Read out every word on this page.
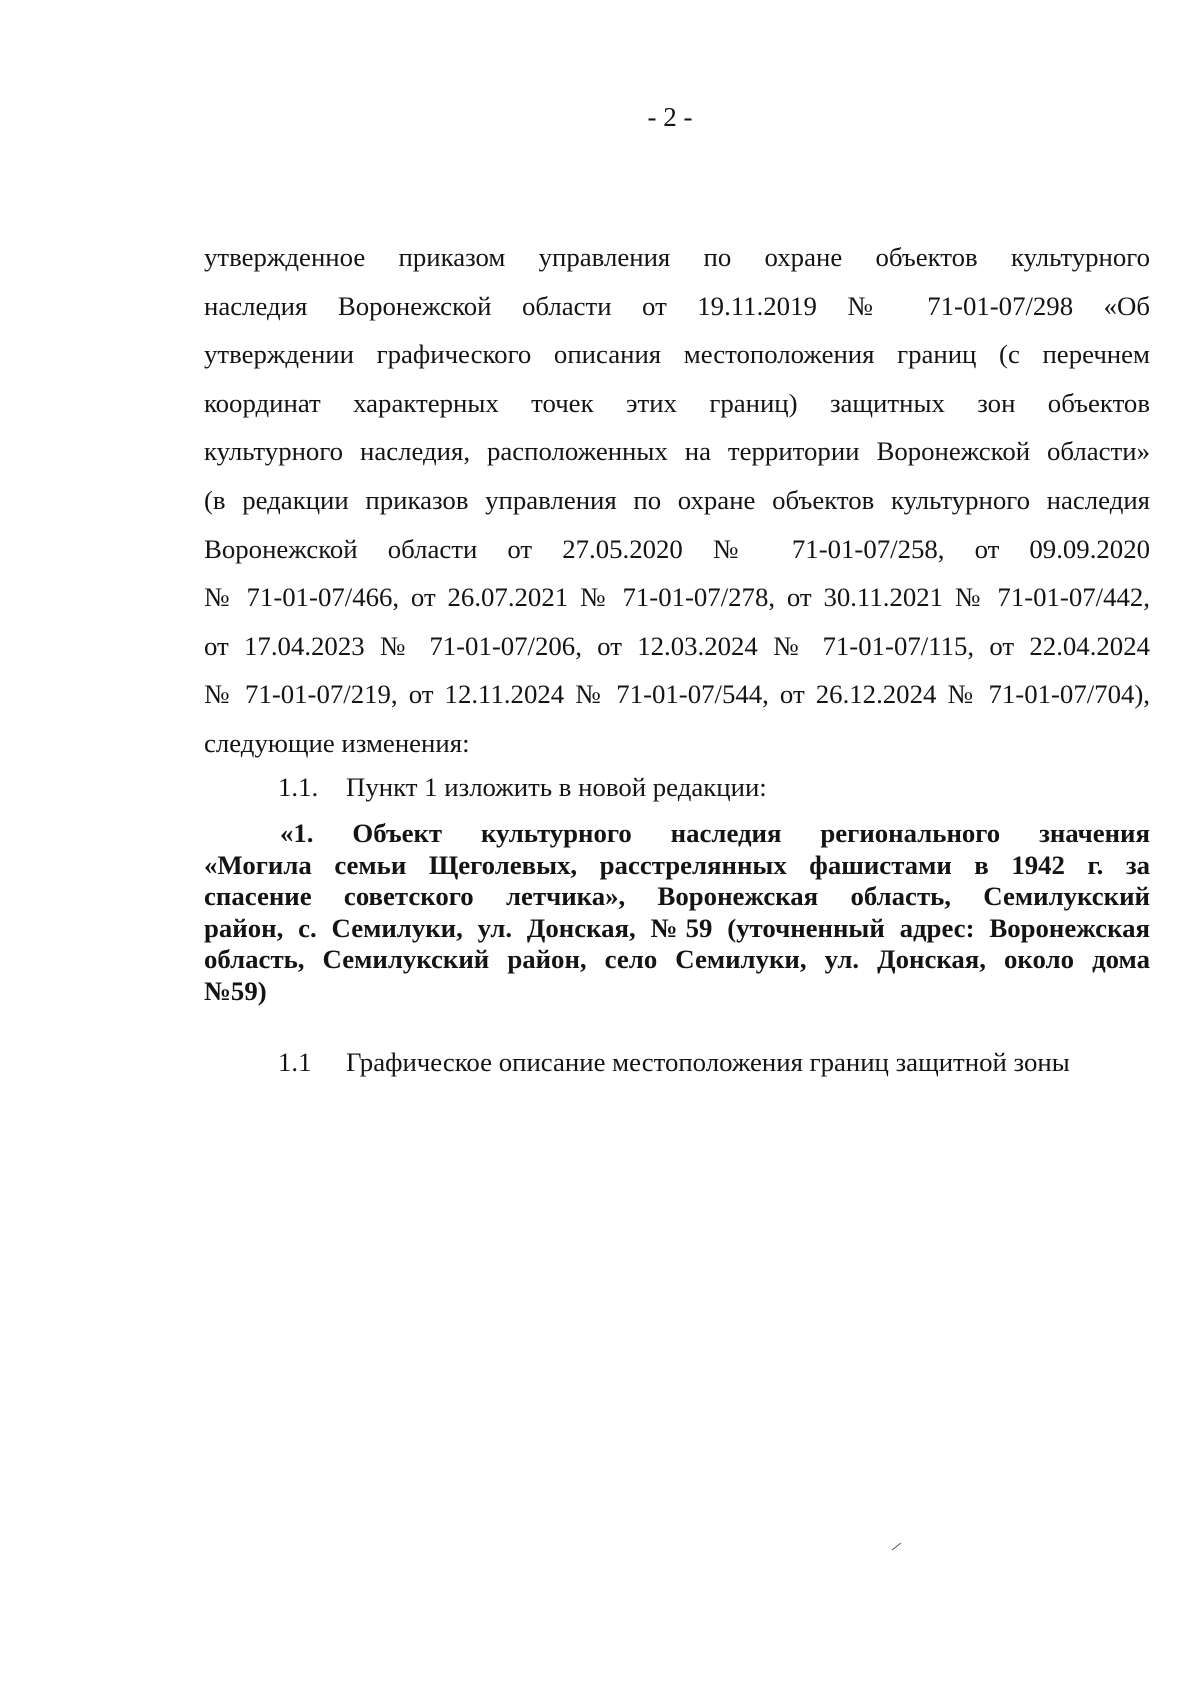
- 2 -
утвержденное приказом управления по охране объектов культурного
наследия Воронежской области от 19.11.2019 № 71-01-07/298 «Об
утверждении графического описания местоположения границ (с перечнем
координат характерных точек этих границ) защитных зон объектов
культурного наследия, расположенных на территории Воронежской области»
(в редакции приказов управления по охране объектов культурного наследия
Воронежской области от 27.05.2020 № 71-01-07/258, от 09.09.2020
№ 71-01-07/466, от 26.07.2021 № 71-01-07/278, от 30.11.2021 № 71-01-07/442,
от 17.04.2023 № 71-01-07/206, от 12.03.2024 № 71-01-07/115, от 22.04.2024
№ 71-01-07/219, от 12.11.2024 № 71-01-07/544, от 26.12.2024 № 71-01-07/704),
следующие изменения:
1.1. Пункт 1 изложить в новой редакции:
«1. Объект культурного наследия регионального значения
«Могила семьи Щеголевых, расстрелянных фашистами в 1942 г. за
спасение советского летчика», Воронежская область, Семилукский
район, с. Семилуки, ул. Донская, №59 (уточненный адрес: Воронежская
область, Семилукский район, село Семилуки, ул. Донская, около дома
№59)
1.1 Графическое описание местоположения границ защитной зоны
